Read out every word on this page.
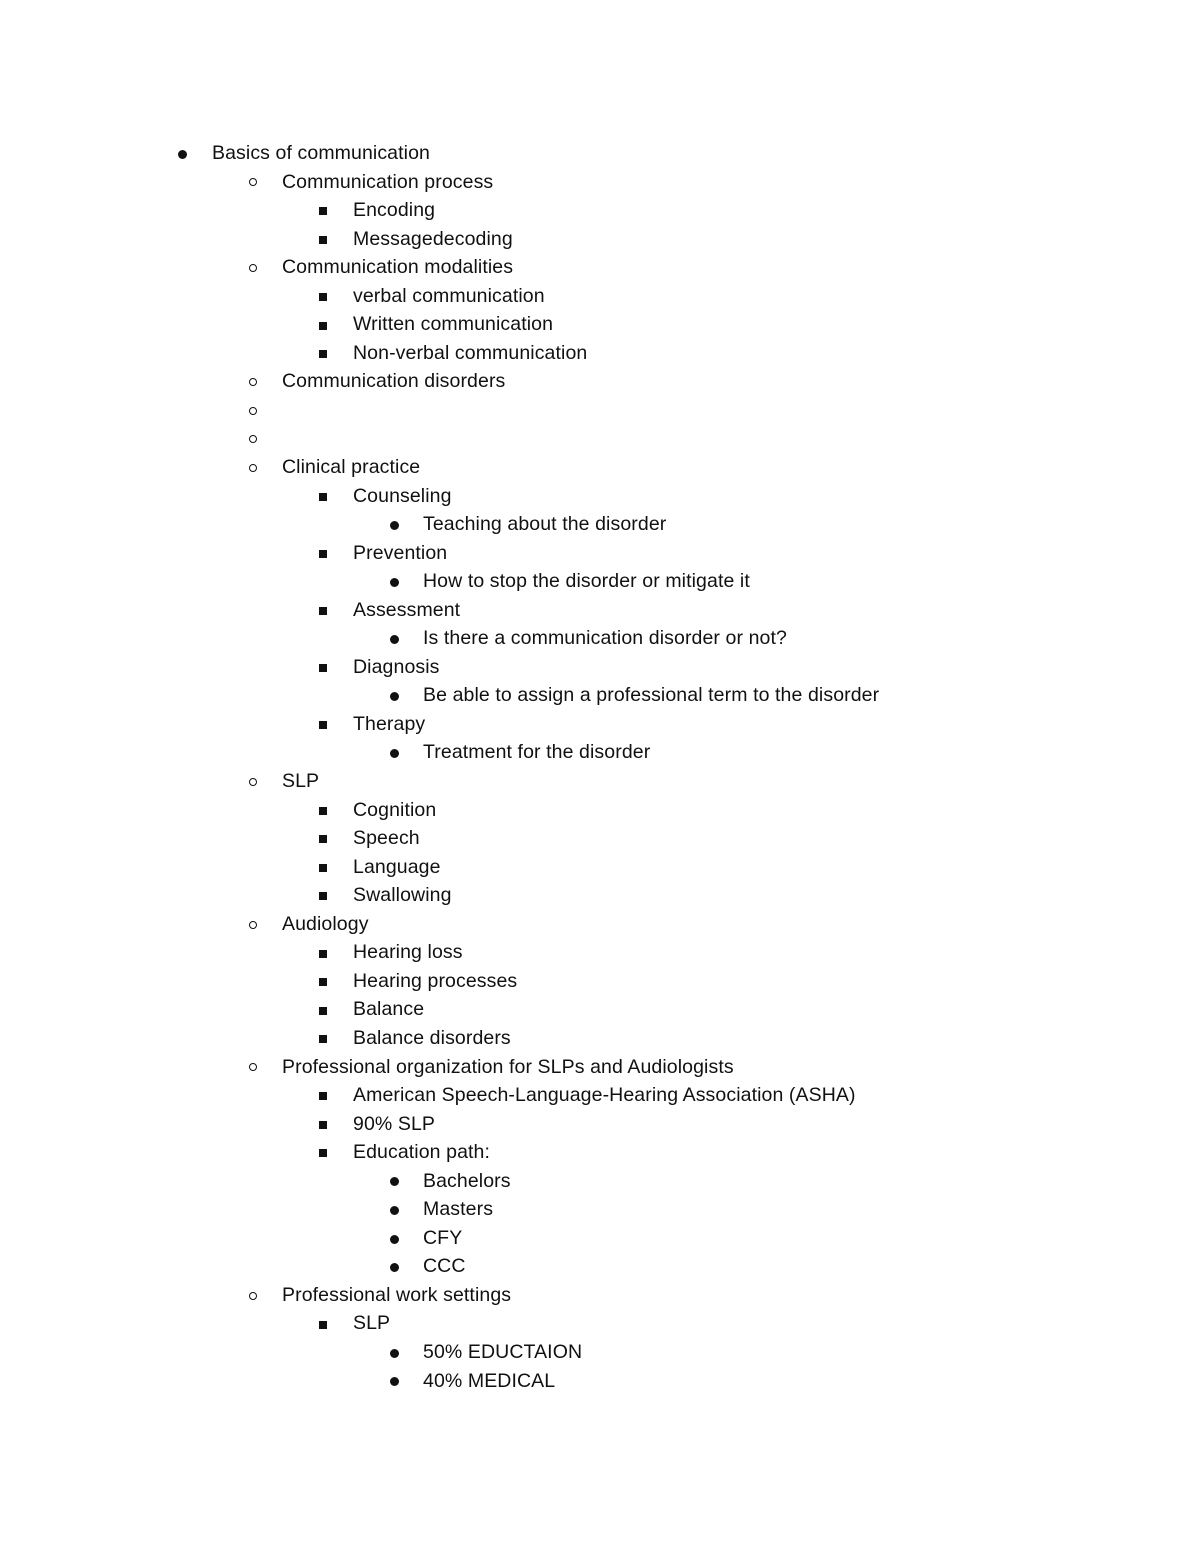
Basics of communication
Communication process
Encoding
Messagedecoding
Communication modalities
verbal communication
Written communication
Non-verbal communication
Communication disorders
Clinical practice
Counseling
Teaching about the disorder
Prevention
How to stop the disorder or mitigate it
Assessment
Is there a communication disorder or not?
Diagnosis
Be able to assign a professional term to the disorder
Therapy
Treatment for the disorder
SLP
Cognition
Speech
Language
Swallowing
Audiology
Hearing loss
Hearing processes
Balance
Balance disorders
Professional organization for SLPs and Audiologists
American Speech-Language-Hearing Association (ASHA)
90% SLP
Education path:
Bachelors
Masters
CFY
CCC
Professional work settings
SLP
50% EDUCTAION
40% MEDICAL
